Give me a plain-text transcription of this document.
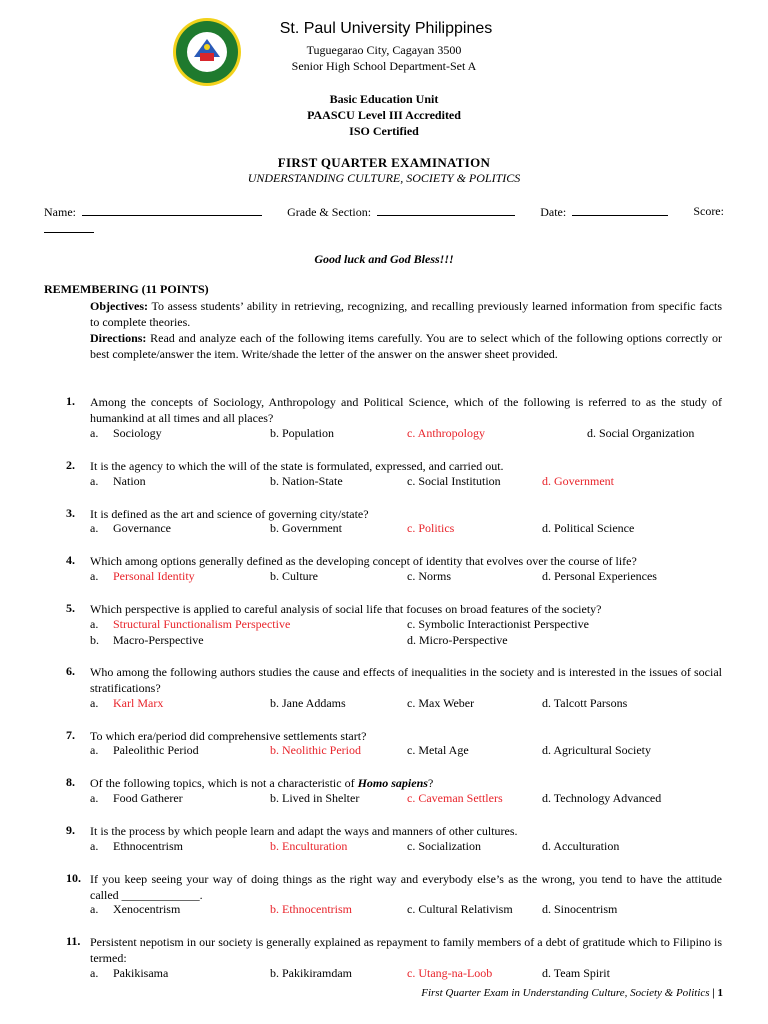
St. Paul University Philippines
Tuguegarao City, Cagayan 3500
Senior High School Department-Set A
Basic Education Unit
PAASCU Level III Accredited
ISO Certified
FIRST QUARTER EXAMINATION
UNDERSTANDING CULTURE, SOCIETY & POLITICS
Name:	Grade & Section:	Date:	Score:
Good luck and God Bless!!!
REMEMBERING (11 POINTS)
Objectives: To assess students’ ability in retrieving, recognizing, and recalling previously learned information from specific facts to complete theories.
Directions: Read and analyze each of the following items carefully. You are to select which of the following options correctly or best complete/answer the item. Write/shade the letter of the answer on the answer sheet provided.
1. Among the concepts of Sociology, Anthropology and Political Science, which of the following is referred to as the study of humankind at all times and all places?
a. Sociology	b. Population	c. Anthropology	d. Social Organization
2. It is the agency to which the will of the state is formulated, expressed, and carried out.
a. Nation	b. Nation-State	c. Social Institution	d. Government
3. It is defined as the art and science of governing city/state?
a. Governance	b. Government	c. Politics	d. Political Science
4. Which among options generally defined as the developing concept of identity that evolves over the course of life?
a. Personal Identity	b. Culture	c. Norms	d. Personal Experiences
5. Which perspective is applied to careful analysis of social life that focuses on broad features of the society?
a. Structural Functionalism Perspective	c. Symbolic Interactionist Perspective
b. Macro-Perspective	d. Micro-Perspective
6. Who among the following authors studies the cause and effects of inequalities in the society and is interested in the issues of social stratifications?
a. Karl Marx	b. Jane Addams	c. Max Weber	d. Talcott Parsons
7. To which era/period did comprehensive settlements start?
a. Paleolithic Period	b. Neolithic Period	c. Metal Age	d. Agricultural Society
8. Of the following topics, which is not a characteristic of Homo sapiens?
a. Food Gatherer	b. Lived in Shelter	c. Caveman Settlers	d. Technology Advanced
9. It is the process by which people learn and adapt the ways and manners of other cultures.
a. Ethnocentrism	b. Enculturation	c. Socialization	d. Acculturation
10. If you keep seeing your way of doing things as the right way and everybody else’s as the wrong, you tend to have the attitude called _____________.
a. Xenocentrism	b. Ethnocentrism	c. Cultural Relativism d. Sinocentrism
11. Persistent nepotism in our society is generally explained as repayment to family members of a debt of gratitude which to Filipino is termed:
a. Pakikisama	b. Pakikiramdam	c. Utang-na-Loob	d. Team Spirit
First Quarter Exam in Understanding Culture, Society & Politics | 1
